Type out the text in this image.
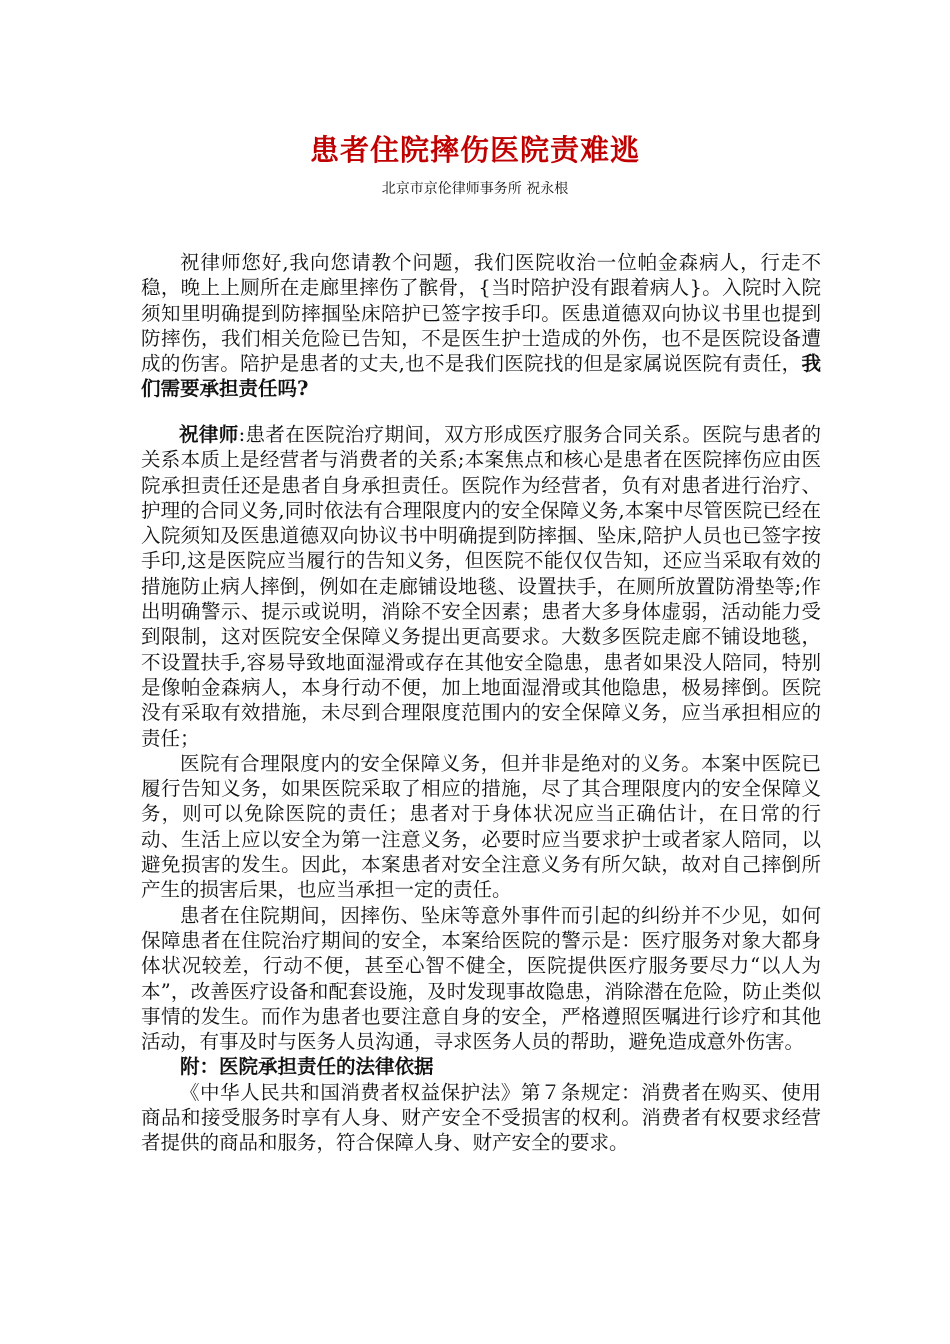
患者住院摔伤医院责难逃
北京市京伦律师事务所 祝永根

祝律师您好,我向您请教个问题，我们医院收治一位帕金森病人，行走不稳，晚上上厕所在走廊里摔伤了髌骨，{当时陪护没有跟着病人}。入院时入院须知里明确提到防摔掴坠床陪护已签字按手印。医患道德双向协议书里也提到防摔伤，我们相关危险已告知，不是医生护士造成的外伤，也不是医院设备遭成的伤害。陪护是患者的丈夫,也不是我们医院找的但是家属说医院有责任，我们需要承担责任吗?

祝律师:患者在医院治疗期间，双方形成医疗服务合同关系。医院与患者的关系本质上是经营者与消费者的关系;本案焦点和核心是患者在医院摔伤应由医院承担责任还是患者自身承担责任。医院作为经营者，负有对患者进行治疗、护理的合同义务,同时依法有合理限度内的安全保障义务,本案中尽管医院已经在入院须知及医患道德双向协议书中明确提到防摔掴、坠床,陪护人员也已签字按手印,这是医院应当履行的告知义务，但医院不能仅仅告知，还应当采取有效的措施防止病人摔倒，例如在走廊铺设地毯、设置扶手，在厕所放置防滑垫等;作出明确警示、提示或说明，消除不安全因素；患者大多身体虚弱，活动能力受到限制，这对医院安全保障义务提出更高要求。大数多医院走廊不铺设地毯，不设置扶手,容易导致地面湿滑或存在其他安全隐患，患者如果没人陪同，特别是像帕金森病人，本身行动不便，加上地面湿滑或其他隐患，极易摔倒。医院没有采取有效措施，未尽到合理限度范围内的安全保障义务，应当承担相应的责任；

医院有合理限度内的安全保障义务，但并非是绝对的义务。本案中医院已履行告知义务，如果医院采取了相应的措施，尽了其合理限度内的安全保障义务，则可以免除医院的责任；患者对于身体状况应当正确估计，在日常的行动、生活上应以安全为第一注意义务，必要时应当要求护士或者家人陪同，以避免损害的发生。因此，本案患者对安全注意义务有所欠缺，故对自己摔倒所产生的损害后果，也应当承担一定的责任。

患者在住院期间，因摔伤、坠床等意外事件而引起的纠纷并不少见，如何保障患者在住院治疗期间的安全，本案给医院的警示是：医疗服务对象大都身体状况较差，行动不便，甚至心智不健全，医院提供医疗服务要尽力“以人为本”，改善医疗设备和配套设施，及时发现事故隐患，消除潜在危险，防止类似事情的发生。而作为患者也要注意自身的安全，严格遵照医嘱进行诊疗和其他活动，有事及时与医务人员沟通，寻求医务人员的帮助，避免造成意外伤害。

附：医院承担责任的法律依据

《中华人民共和国消费者权益保护法》第７条规定：消费者在购买、使用商品和接受服务时享有人身、财产安全不受损害的权利。消费者有权要求经营者提供的商品和服务，符合保障人身、财产安全的要求。
